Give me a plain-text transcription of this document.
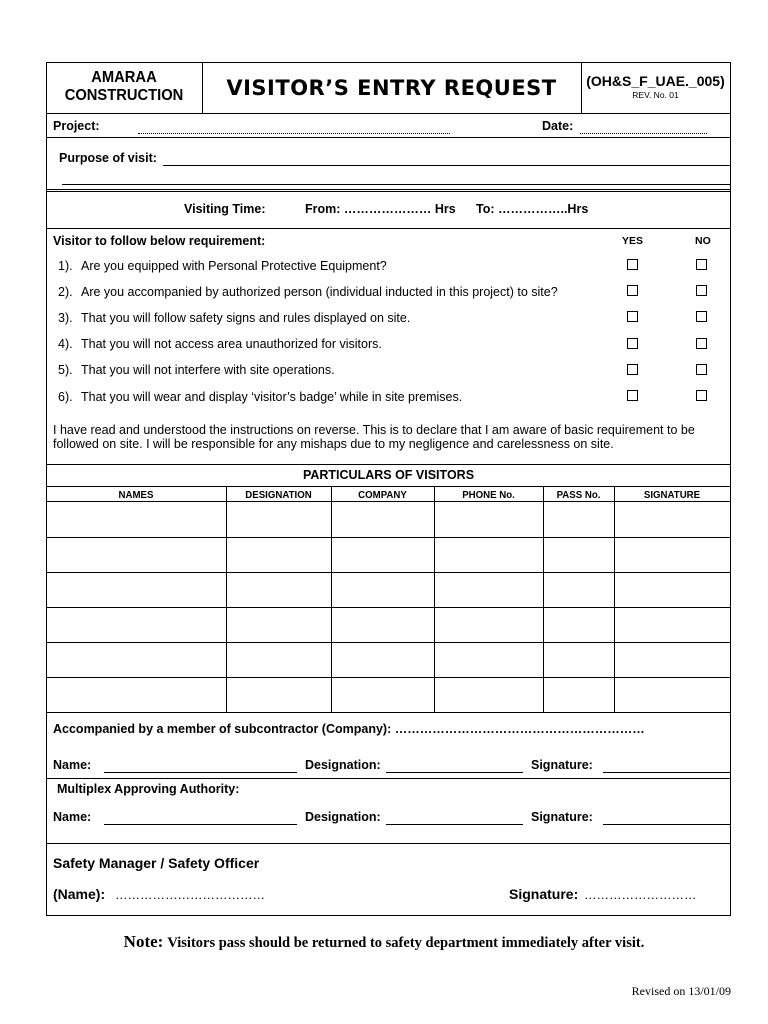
AMARAA
CONSTRUCTION	VISITOR’S ENTRY REQUEST	(OH&S_F_UAE._005)
REV. No. 01
Project:	Date:
Purpose of visit:
Visiting Time:	From: ………………… Hrs To: ……………..Hrs
Visitor to follow below requirement:	YES	NO
1). Are you equipped with Personal Protective Equipment?
2). Are you accompanied by authorized person (individual inducted in this project) to site?
3). That you will follow safety signs and rules displayed on site.
4). That you will not access area unauthorized for visitors.
5). That you will not interfere with site operations.
6). That you will wear and display ‘visitor’s badge’ while in site premises.
I have read and understood the instructions on reverse. This is to declare that I am aware of basic requirement to be
followed on site. I will be responsible for any mishaps due to my negligence and carelessness on site.
PARTICULARS OF VISITORS
NAMES	DESIGNATION	COMPANY	PHONE No.	PASS No.	SIGNATURE
Accompanied by a member of subcontractor (Company): ……………………………………………………
Name:	Designation:	Signature:
Multiplex Approving Authority:
Name:	Designation:	Signature:
Safety Manager / Safety Officer
(Name): ………………………………	Signature: ………………………
Note: Visitors pass should be returned to safety department immediately after visit.
Revised on 13/01/09
